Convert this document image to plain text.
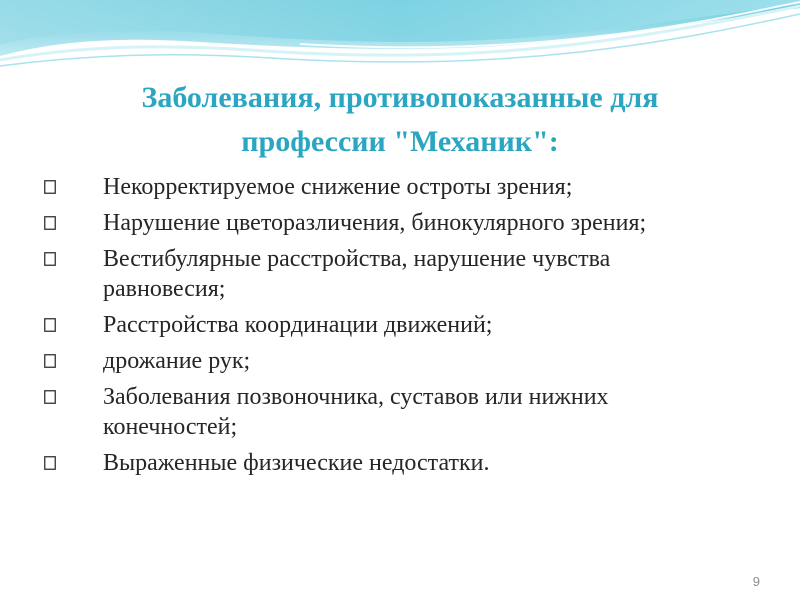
Заболевания, противопоказанные для
профессии "Механик":
Некорректируемое снижение остроты зрения;
Нарушение цветоразличения, бинокулярного зрения;
Вестибулярные расстройства, нарушение чувства равновесия;
Расстройства координации движений;
дрожание рук;
Заболевания позвоночника, суставов или нижних конечностей;
Выраженные физические недостатки.
9
